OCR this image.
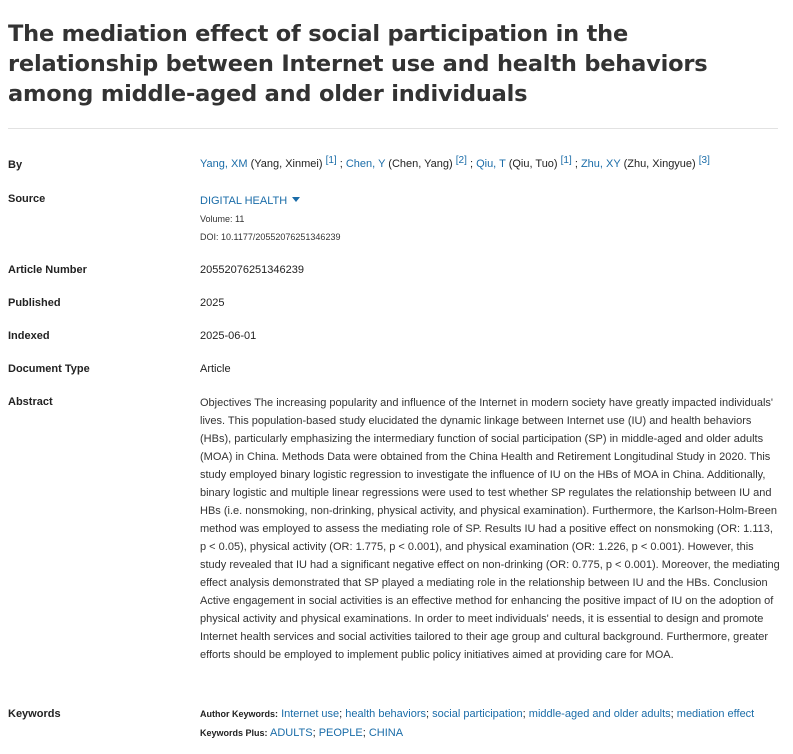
The mediation effect of social participation in the relationship between Internet use and health behaviors among middle-aged and older individuals
By	Yang, XM (Yang, Xinmei) [1] ; Chen, Y (Chen, Yang) [2] ; Qiu, T (Qiu, Tuo) [1] ; Zhu, XY (Zhu, Xingyue) [3]
Source	DIGITAL HEALTH
Volume: 11
DOI: 10.1177/20552076251346239
Article Number	20552076251346239
Published	2025
Indexed	2025-06-01
Document Type	Article
Abstract	Objectives The increasing popularity and influence of the Internet in modern society have greatly impacted individuals' lives. This population-based study elucidated the dynamic linkage between Internet use (IU) and health behaviors (HBs), particularly emphasizing the intermediary function of social participation (SP) in middle-aged and older adults (MOA) in China. Methods Data were obtained from the China Health and Retirement Longitudinal Study in 2020. This study employed binary logistic regression to investigate the influence of IU on the HBs of MOA in China. Additionally, binary logistic and multiple linear regressions were used to test whether SP regulates the relationship between IU and HBs (i.e. nonsmoking, non-drinking, physical activity, and physical examination). Furthermore, the Karlson-Holm-Breen method was employed to assess the mediating role of SP. Results IU had a positive effect on nonsmoking (OR: 1.113, p < 0.05), physical activity (OR: 1.775, p < 0.001), and physical examination (OR: 1.226, p < 0.001). However, this study revealed that IU had a significant negative effect on non-drinking (OR: 0.775, p < 0.001). Moreover, the mediating effect analysis demonstrated that SP played a mediating role in the relationship between IU and the HBs. Conclusion Active engagement in social activities is an effective method for enhancing the positive impact of IU on the adoption of physical activity and physical examinations. In order to meet individuals' needs, it is essential to design and promote Internet health services and social activities tailored to their age group and cultural background. Furthermore, greater efforts should be employed to implement public policy initiatives aimed at providing care for MOA.

Keywords	Author Keywords: Internet use; health behaviors; social participation; middle-aged and older adults; mediation effect
Keywords Plus: ADULTS; PEOPLE; CHINA
